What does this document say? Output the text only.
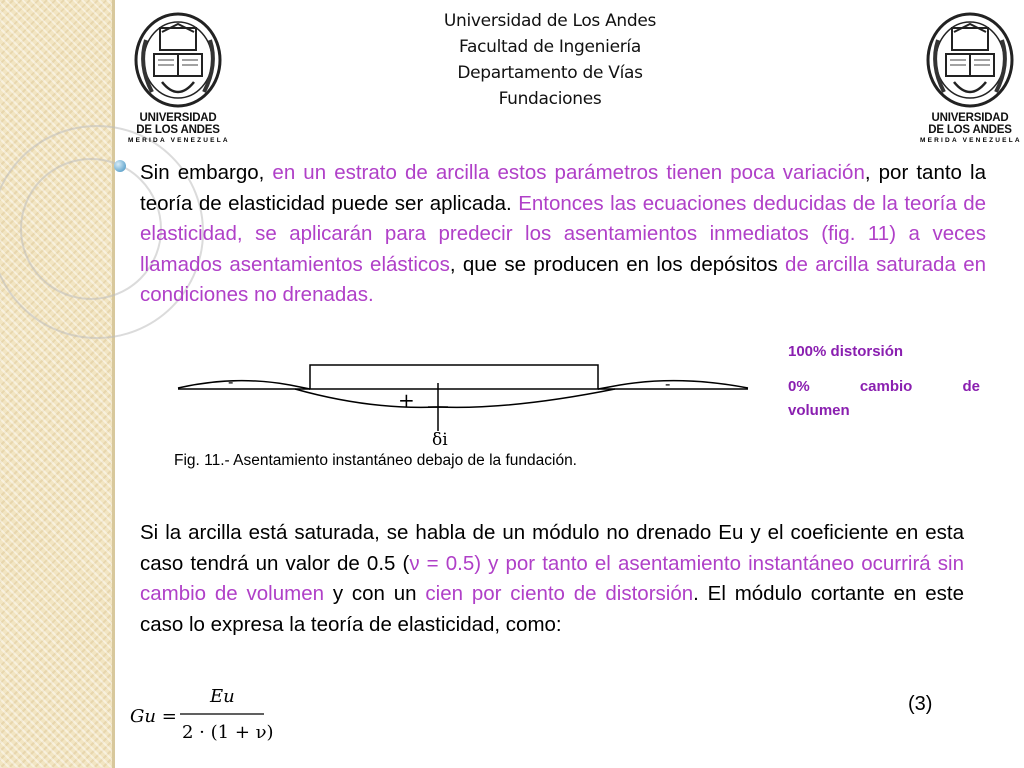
UNIVERSIDAD
DE LOS ANDES
MERIDA VENEZUELA
UNIVERSIDAD
DE LOS ANDES
MERIDA VENEZUELA
Universidad de Los Andes
Facultad de Ingeniería
Departamento de Vías
Fundaciones
Sin embargo, en un estrato de arcilla estos parámetros tienen poca variación, por tanto la teoría de elasticidad puede ser aplicada. Entonces las ecuaciones deducidas de la teoría de elasticidad, se aplicarán para predecir los asentamientos inmediatos (fig. 11) a veces llamados asentamientos elásticos, que se producen en los depósitos de arcilla saturada en condiciones no drenadas.
-	-
+
δi
Fig. 11.- Asentamiento instantáneo debajo de la fundación.
100% distorsión
0%	cambio	de
volumen
Si la arcilla está saturada, se habla de un módulo no drenado Eu y el coeficiente en esta caso tendrá un valor de 0.5 (ν = 0.5) y por tanto el asentamiento instantáneo ocurrirá sin cambio de volumen y con un cien por ciento de distorsión. El módulo cortante en este caso lo expresa la teoría de elasticidad, como:
Gu =
Eu
2 · (1 + ν)
(3)
